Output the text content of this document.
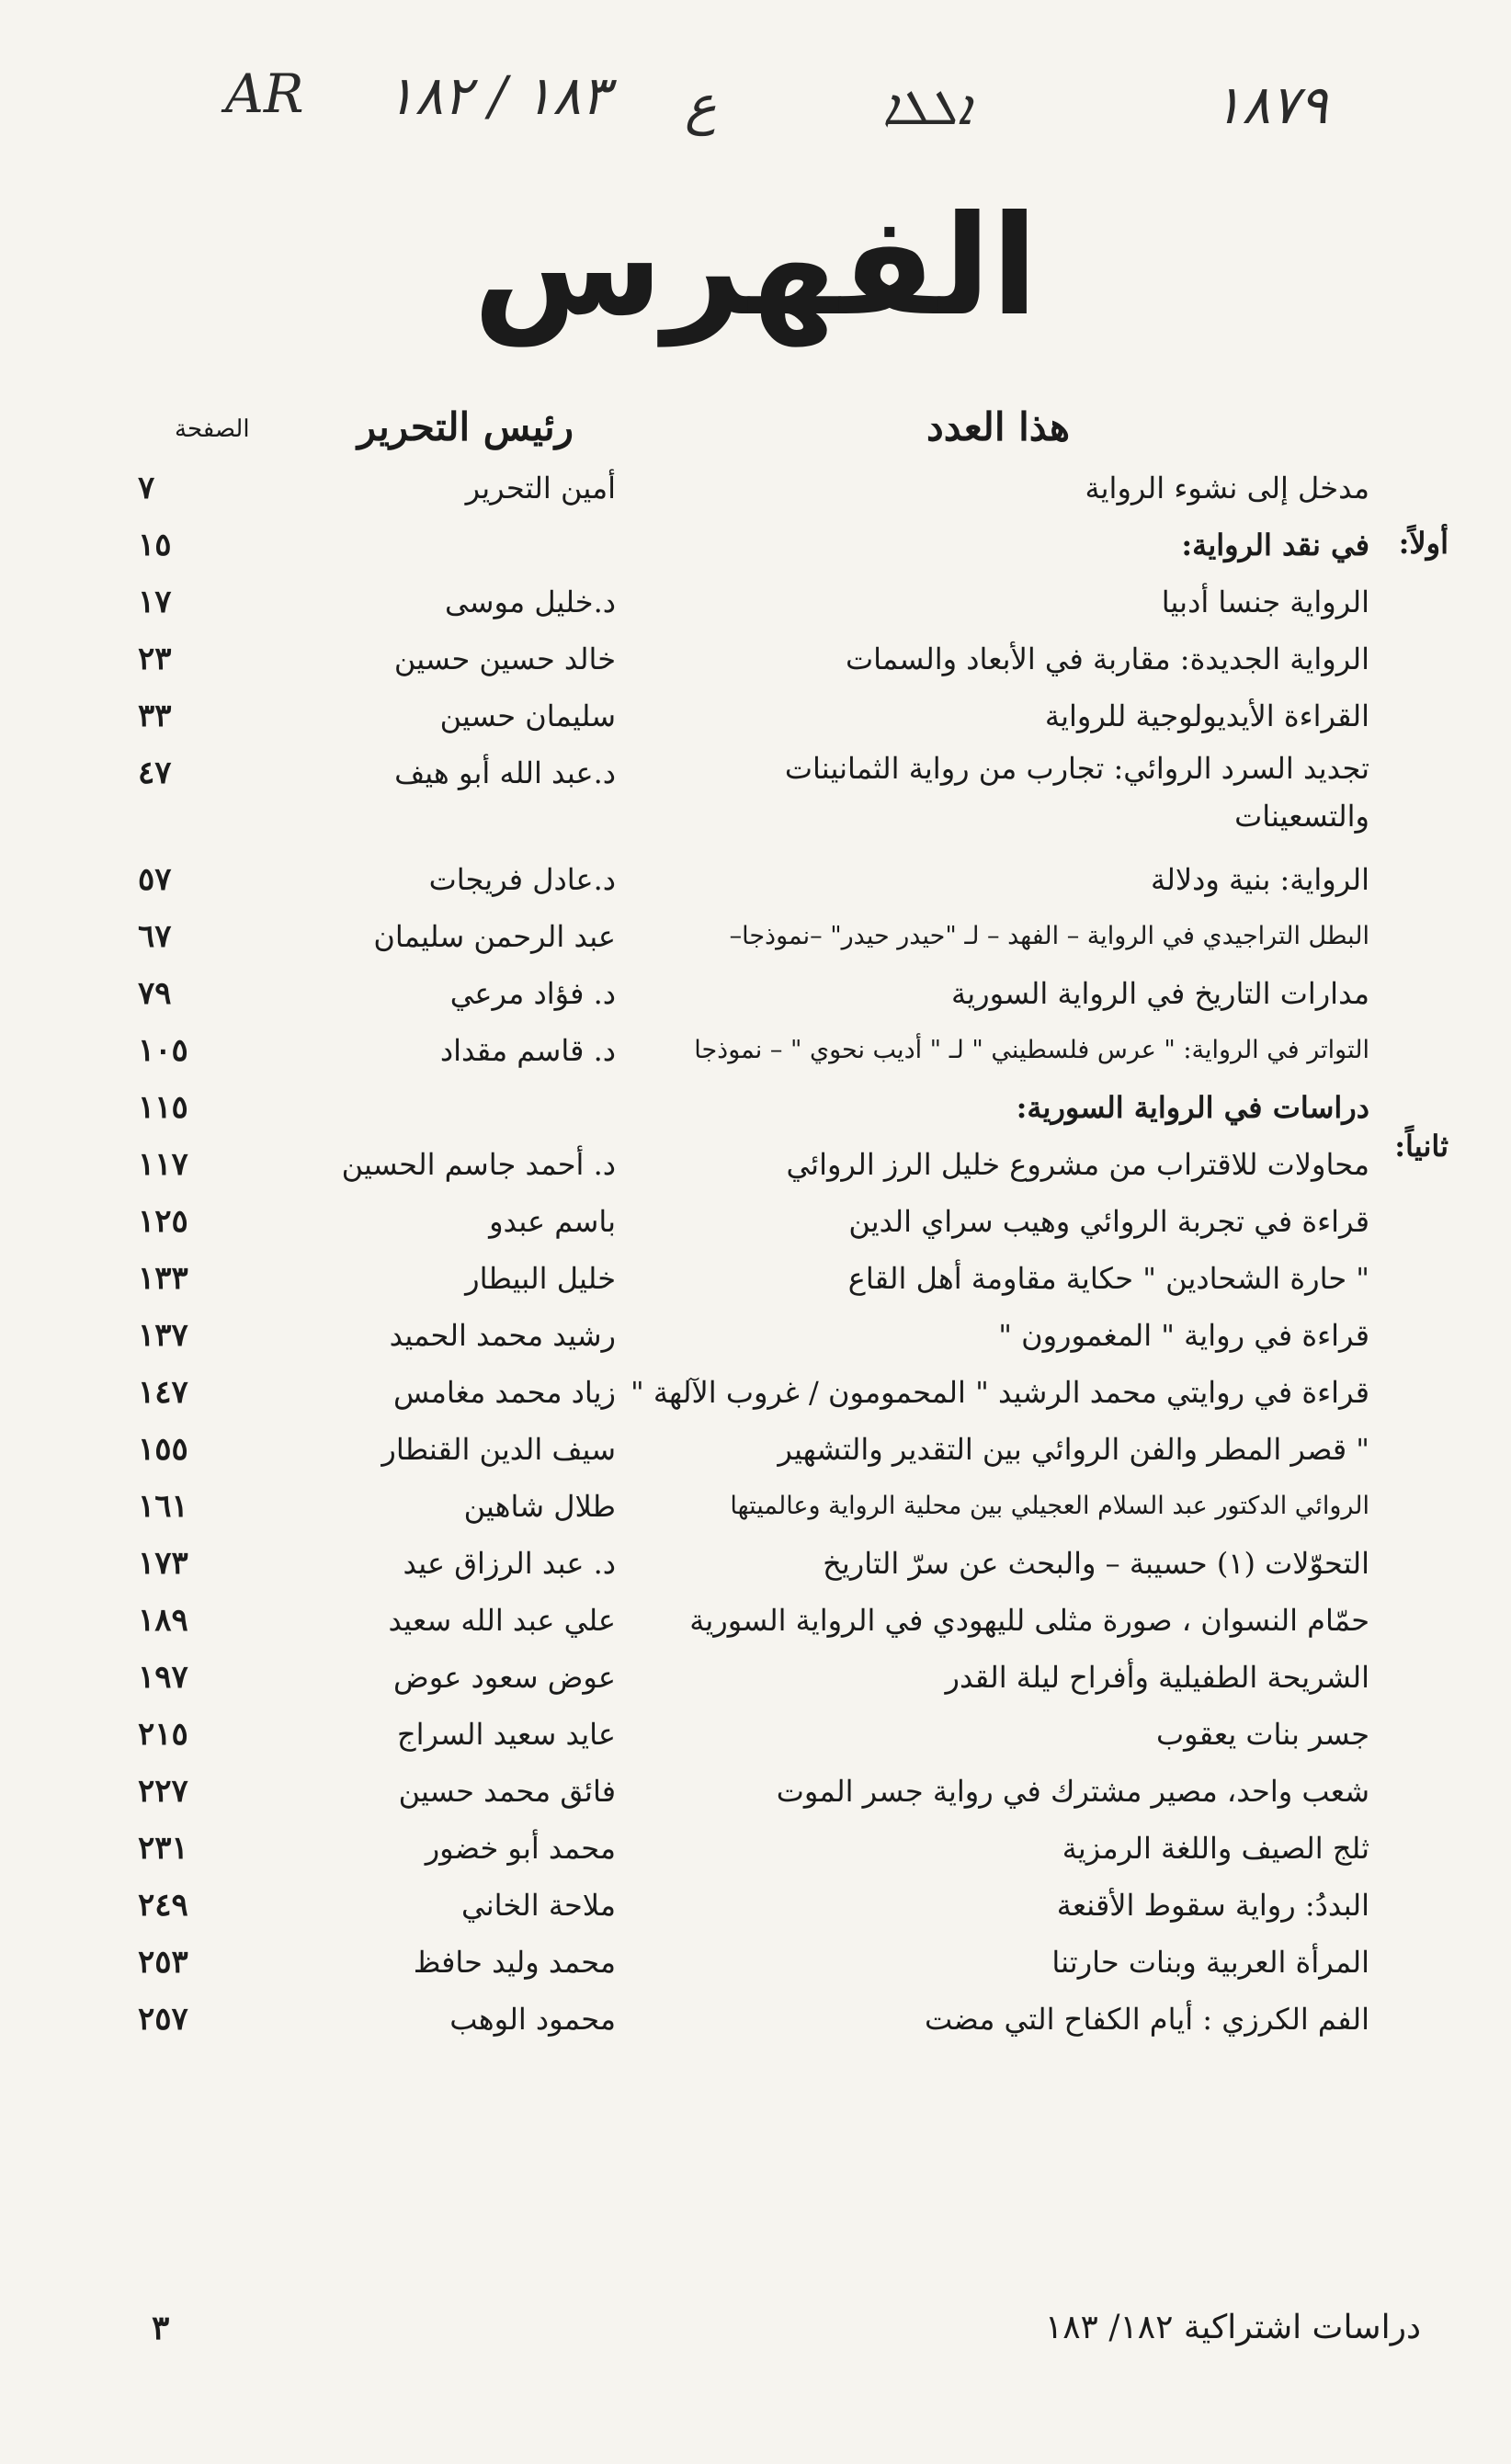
AR ١٨٣ / ١٨٢ ع	ܐܠܠܐ	١٨٧٩
الفهرس
هذا العدد
رئيس التحرير
الصفحة
أولاً:
ثانياً:
مدخل إلى نشوء الرواية
أمين التحرير
٧
في نقد الرواية:
١٥
الرواية جنسا أدبيا
د.خليل موسى
١٧
الرواية الجديدة: مقاربة في الأبعاد والسمات
خالد حسين حسين
٢٣
القراءة الأيديولوجية للرواية
سليمان حسين
٣٣
تجديد السرد الروائي: تجارب من رواية الثمانينات والتسعينات
د.عبد الله أبو هيف
٤٧
الرواية: بنية ودلالة
د.عادل فريجات
٥٧
البطل التراجيدي في الرواية – الفهد – لـ "حيدر حيدر" –نموذجا–
عبد الرحمن سليمان
٦٧
مدارات التاريخ في الرواية السورية
د. فؤاد مرعي
٧٩
التواتر في الرواية: " عرس فلسطيني " لـ " أديب نحوي " – نموذجا
د. قاسم مقداد
١٠٥
دراسات في الرواية السورية:
١١٥
محاولات للاقتراب من مشروع خليل الرز الروائي
د. أحمد جاسم الحسين
١١٧
قراءة في تجربة الروائي وهيب سراي الدين
باسم عبدو
١٢٥
" حارة الشحادين " حكاية مقاومة أهل القاع
خليل البيطار
١٣٣
قراءة في رواية " المغمورون "
رشيد محمد الحميد
١٣٧
قراءة في روايتي محمد الرشيد " المحمومون / غروب الآلهة "
زياد محمد مغامس
١٤٧
" قصر المطر والفن الروائي بين التقدير والتشهير
سيف الدين القنطار
١٥٥
الروائي الدكتور عبد السلام العجيلي بين محلية الرواية وعالميتها
طلال شاهين
١٦١
التحوّلات (١) حسيبة – والبحث عن سرّ التاريخ
د. عبد الرزاق عيد
١٧٣
حمّام النسوان ، صورة مثلى لليهودي في الرواية السورية
علي عبد الله سعيد
١٨٩
الشريحة الطفيلية وأفراح ليلة القدر
عوض سعود عوض
١٩٧
جسر بنات يعقوب
عايد سعيد السراج
٢١٥
شعب واحد، مصير مشترك في رواية جسر الموت
فائق محمد حسين
٢٢٧
ثلج الصيف واللغة الرمزية
محمد أبو خضور
٢٣١
البددُ: رواية سقوط الأقنعة
ملاحة الخاني
٢٤٩
المرأة العربية وبنات حارتنا
محمد وليد حافظ
٢٥٣
الفم الكرزي : أيام الكفاح التي مضت
محمود الوهب
٢٥٧
دراسات اشتراكية ١٨٢/ ١٨٣
٣
